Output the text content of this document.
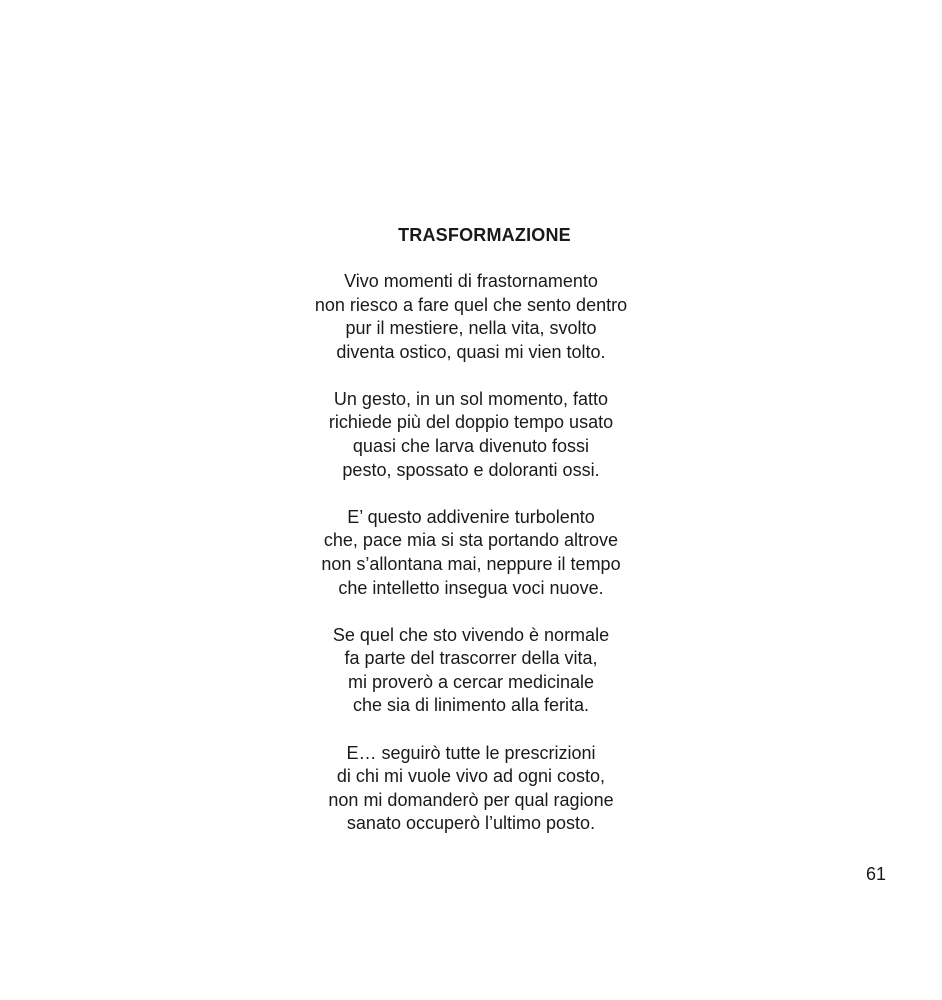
TRASFORMAZIONE
Vivo momenti di frastornamento
non riesco a fare quel che sento dentro
pur il mestiere, nella vita, svolto
diventa ostico, quasi mi vien tolto.
Un gesto, in un sol momento, fatto
richiede più del doppio tempo usato
quasi che larva divenuto fossi
pesto, spossato e doloranti ossi.
E’ questo addivenire turbolento
che, pace mia si sta portando altrove
non s’allontana mai, neppure il tempo
che intelletto insegua voci nuove.
Se quel che sto vivendo è normale
fa parte del trascorrer della vita,
mi proverò a cercar medicinale
che sia di linimento alla ferita.
E… seguirò tutte le prescrizioni
di chi mi vuole vivo ad ogni costo,
non mi domanderò per qual ragione
sanato occuperò l’ultimo posto.
61
